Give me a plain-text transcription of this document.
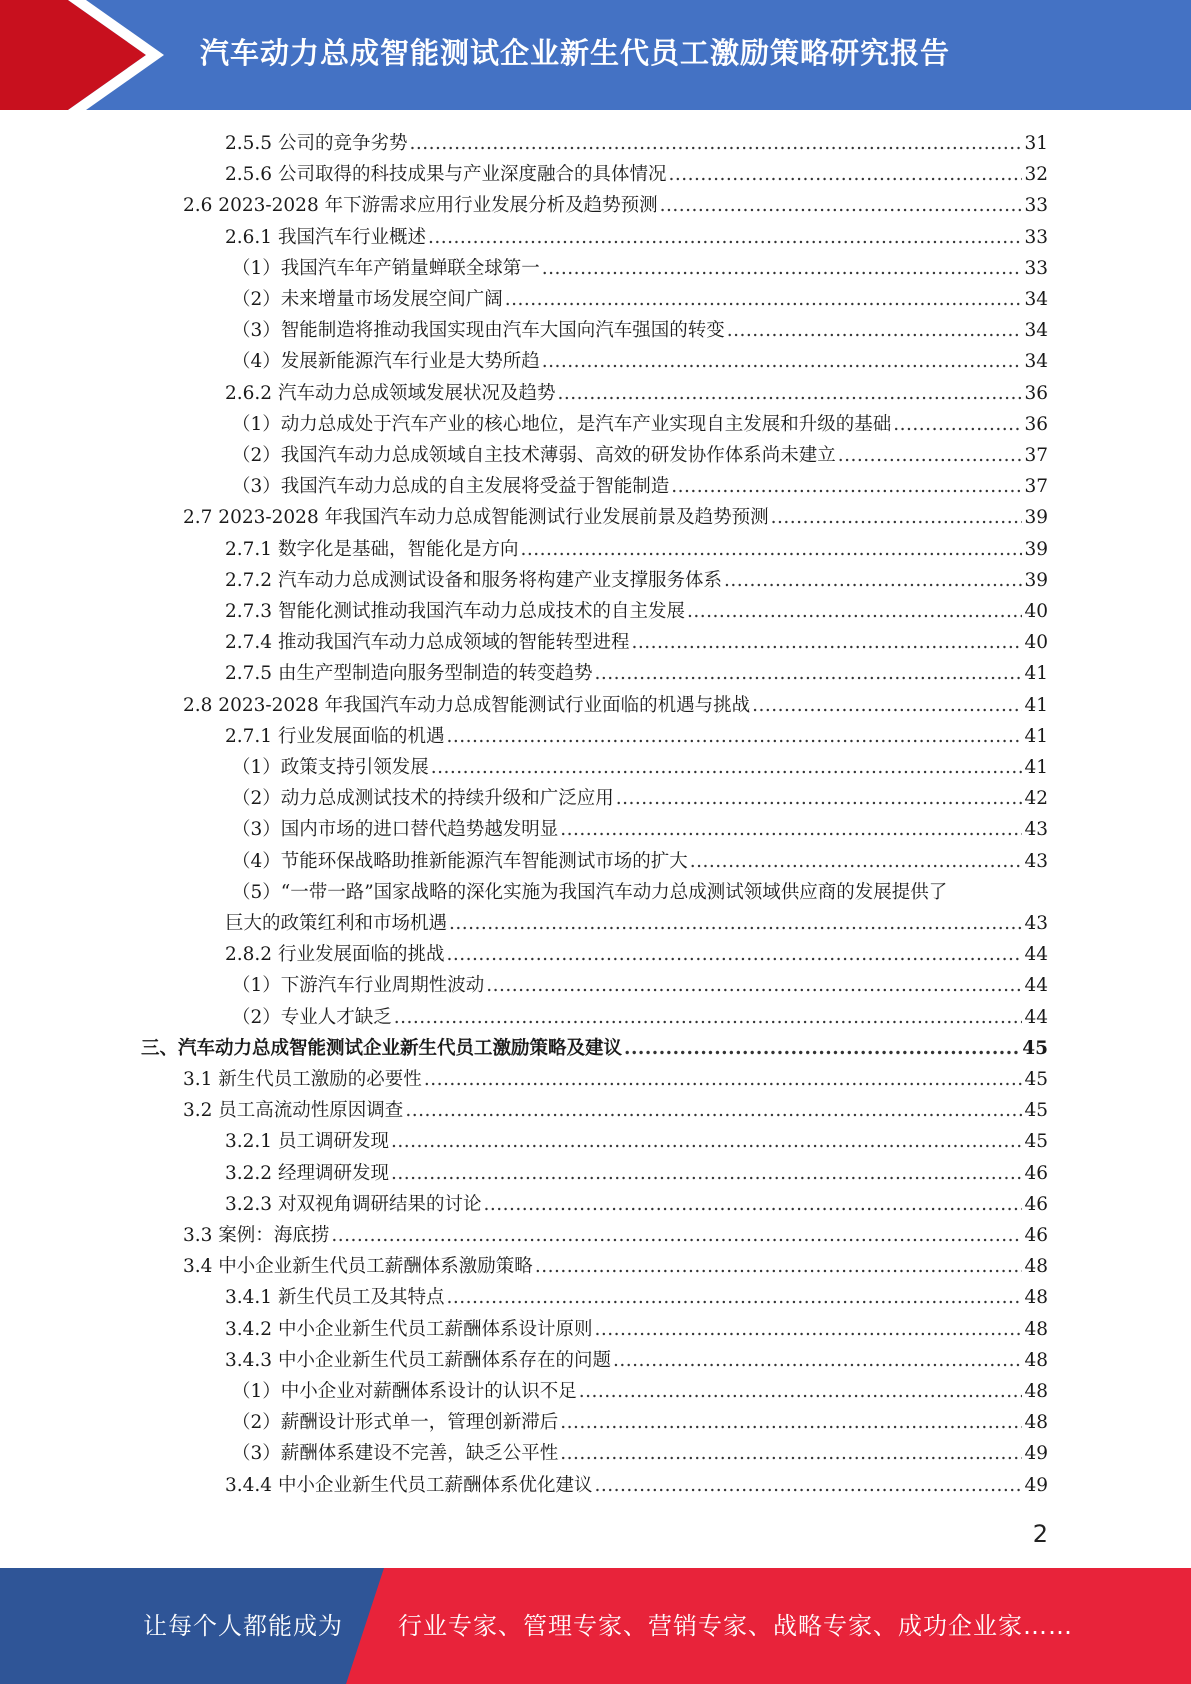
汽车动力总成智能测试企业新生代员工激励策略研究报告
2.5.5 公司的竞争劣势 .....	31
2.5.6 公司取得的科技成果与产业深度融合的具体情况 .....	32
2.6 2023-2028 年下游需求应用行业发展分析及趋势预测 .....	33
2.6.1 我国汽车行业概述 .....	33
（1）我国汽车年产销量蝉联全球第一 .....	33
（2）未来增量市场发展空间广阔 .....	34
（3）智能制造将推动我国实现由汽车大国向汽车强国的转变 .....	34
（4）发展新能源汽车行业是大势所趋 .....	34
2.6.2 汽车动力总成领域发展状况及趋势 .....	36
（1）动力总成处于汽车产业的核心地位，是汽车产业实现自主发展和升级的基础 .....	36
（2）我国汽车动力总成领域自主技术薄弱、高效的研发协作体系尚未建立 .....	37
（3）我国汽车动力总成的自主发展将受益于智能制造 .....	37
2.7 2023-2028 年我国汽车动力总成智能测试行业发展前景及趋势预测 .....	39
2.7.1 数字化是基础，智能化是方向 .....	39
2.7.2 汽车动力总成测试设备和服务将构建产业支撑服务体系 .....	39
2.7.3 智能化测试推动我国汽车动力总成技术的自主发展 .....	40
2.7.4 推动我国汽车动力总成领域的智能转型进程 .....	40
2.7.5 由生产型制造向服务型制造的转变趋势 .....	41
2.8 2023-2028 年我国汽车动力总成智能测试行业面临的机遇与挑战 .....	41
2.7.1 行业发展面临的机遇 .....	41
（1）政策支持引领发展 .....	41
（2）动力总成测试技术的持续升级和广泛应用 .....	42
（3）国内市场的进口替代趋势越发明显 .....	43
（4）节能环保战略助推新能源汽车智能测试市场的扩大 .....	43
（5）“一带一路”国家战略的深化实施为我国汽车动力总成测试领域供应商的发展提供了
巨大的政策红利和市场机遇 .....	43
2.8.2 行业发展面临的挑战 .....	44
（1）下游汽车行业周期性波动 .....	44
（2）专业人才缺乏 .....	44
三、汽车动力总成智能测试企业新生代员工激励策略及建议 .....	45
3.1 新生代员工激励的必要性 .....	45
3.2 员工高流动性原因调查 .....	45
3.2.1 员工调研发现 .....	45
3.2.2 经理调研发现 .....	46
3.2.3 对双视角调研结果的讨论 .....	46
3.3 案例：海底捞 .....	46
3.4 中小企业新生代员工薪酬体系激励策略 .....	48
3.4.1 新生代员工及其特点 .....	48
3.4.2 中小企业新生代员工薪酬体系设计原则 .....	48
3.4.3 中小企业新生代员工薪酬体系存在的问题 .....	48
（1）中小企业对薪酬体系设计的认识不足 .....	48
（2）薪酬设计形式单一，管理创新滞后 .....	48
（3）薪酬体系建设不完善，缺乏公平性 .....	49
3.4.4 中小企业新生代员工薪酬体系优化建议 .....	49
2
让每个人都能成为 行业专家、管理专家、营销专家、战略专家、成功企业家……
